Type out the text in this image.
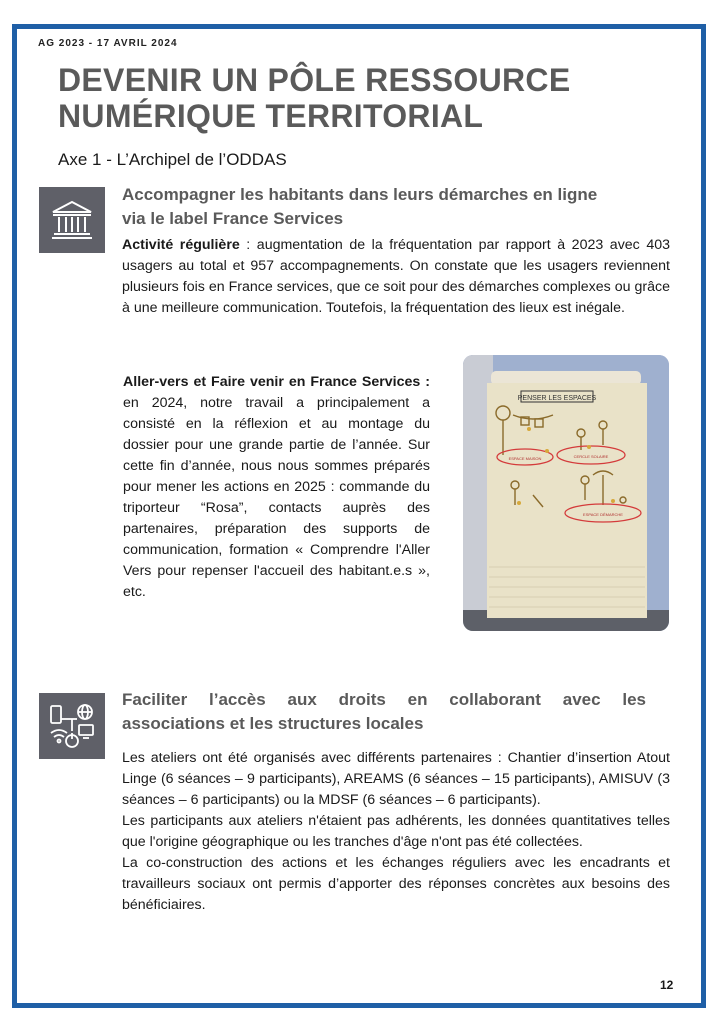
AG 2023 - 17 AVRIL 2024
DEVENIR UN PÔLE RESSOURCE
NUMÉRIQUE TERRITORIAL
Axe 1 - L’Archipel de l’ODDAS
Accompagner les habitants dans leurs démarches en ligne
via le label France Services

Activité régulière : augmentation de la fréquentation par rapport à 2023 avec 403 usagers au total et 957 accompagnements. On constate que les usagers reviennent plusieurs fois en France services, que ce soit pour des démarches complexes ou grâce à une meilleure communication. Toutefois, la fréquentation des lieux est inégale.

Aller-vers et Faire venir en France Services : en 2024, notre travail a principalement a consisté en la réflexion et au montage du dossier pour une grande partie de l’année. Sur cette fin d’année, nous nous sommes préparés pour mener les actions en 2025 : commande du triporteur “Rosa”, contacts auprès des partenaires, préparation des supports de communication, formation « Comprendre l'Aller Vers pour repenser l'accueil des habitant.e.s », etc.

PENSER LES ESPACES
ESPACE MAISON	CERCLE SOLAIRE
ESPACE DÉMARCHE
Faciliter l’accès aux droits en collaborant avec les
associations et les structures locales

Les ateliers ont été organisés avec différents partenaires : Chantier d’insertion Atout Linge (6 séances – 9 participants), AREAMS (6 séances – 15 participants), AMISUV (3 séances – 6 participants) ou la MDSF (6 séances – 6 participants).
Les participants aux ateliers n'étaient pas adhérents, les données quantitatives telles que l'origine géographique ou les tranches d'âge n'ont pas été collectées.
La co-construction des actions et les échanges réguliers avec les encadrants et travailleurs sociaux ont permis d’apporter des réponses concrètes aux besoins des bénéficiaires.

12
